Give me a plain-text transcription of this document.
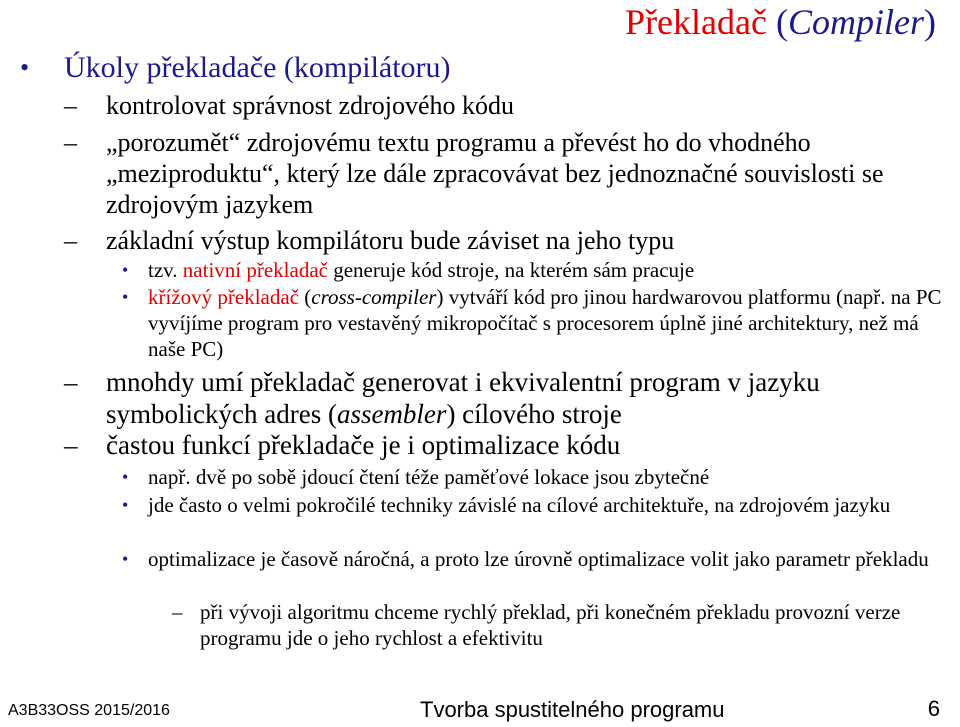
Překladač (Compiler)
• Úkoly překladače (kompilátoru)
–	kontrolovat správnost zdrojového kódu
–	„porozumět“ zdrojovému textu programu a převést ho do vhodného „meziproduktu“, který lze dále zpracovávat bez jednoznačné souvislosti se zdrojovým jazykem
–	základní výstup kompilátoru bude záviset na jeho typu
• tzv. nativní překladač generuje kód stroje, na kterém sám pracuje
• křížový překladač (cross-compiler) vytváří kód pro jinou hardwarovou platformu (např. na PC vyvíjíme program pro vestavěný mikropočítač s procesorem úplně jiné architektury, než má naše PC)
–	mnohdy umí překladač generovat i ekvivalentní program v jazyku symbolických adres (assembler) cílového stroje
–	častou funkcí překladače je i optimalizace kódu
• např. dvě po sobě jdoucí čtení téže paměťové lokace jsou zbytečné
• jde často o velmi pokročilé techniky závislé na cílové architektuře, na zdrojovém jazyku
• optimalizace je časově náročná, a proto lze úrovně optimalizace volit jako parametr překladu
– při vývoji algoritmu chceme rychlý překlad, při konečném překladu provozní verze programu jde o jeho rychlost a efektivitu
A3B33OSS 2015/2016	Tvorba spustitelného programu	6
